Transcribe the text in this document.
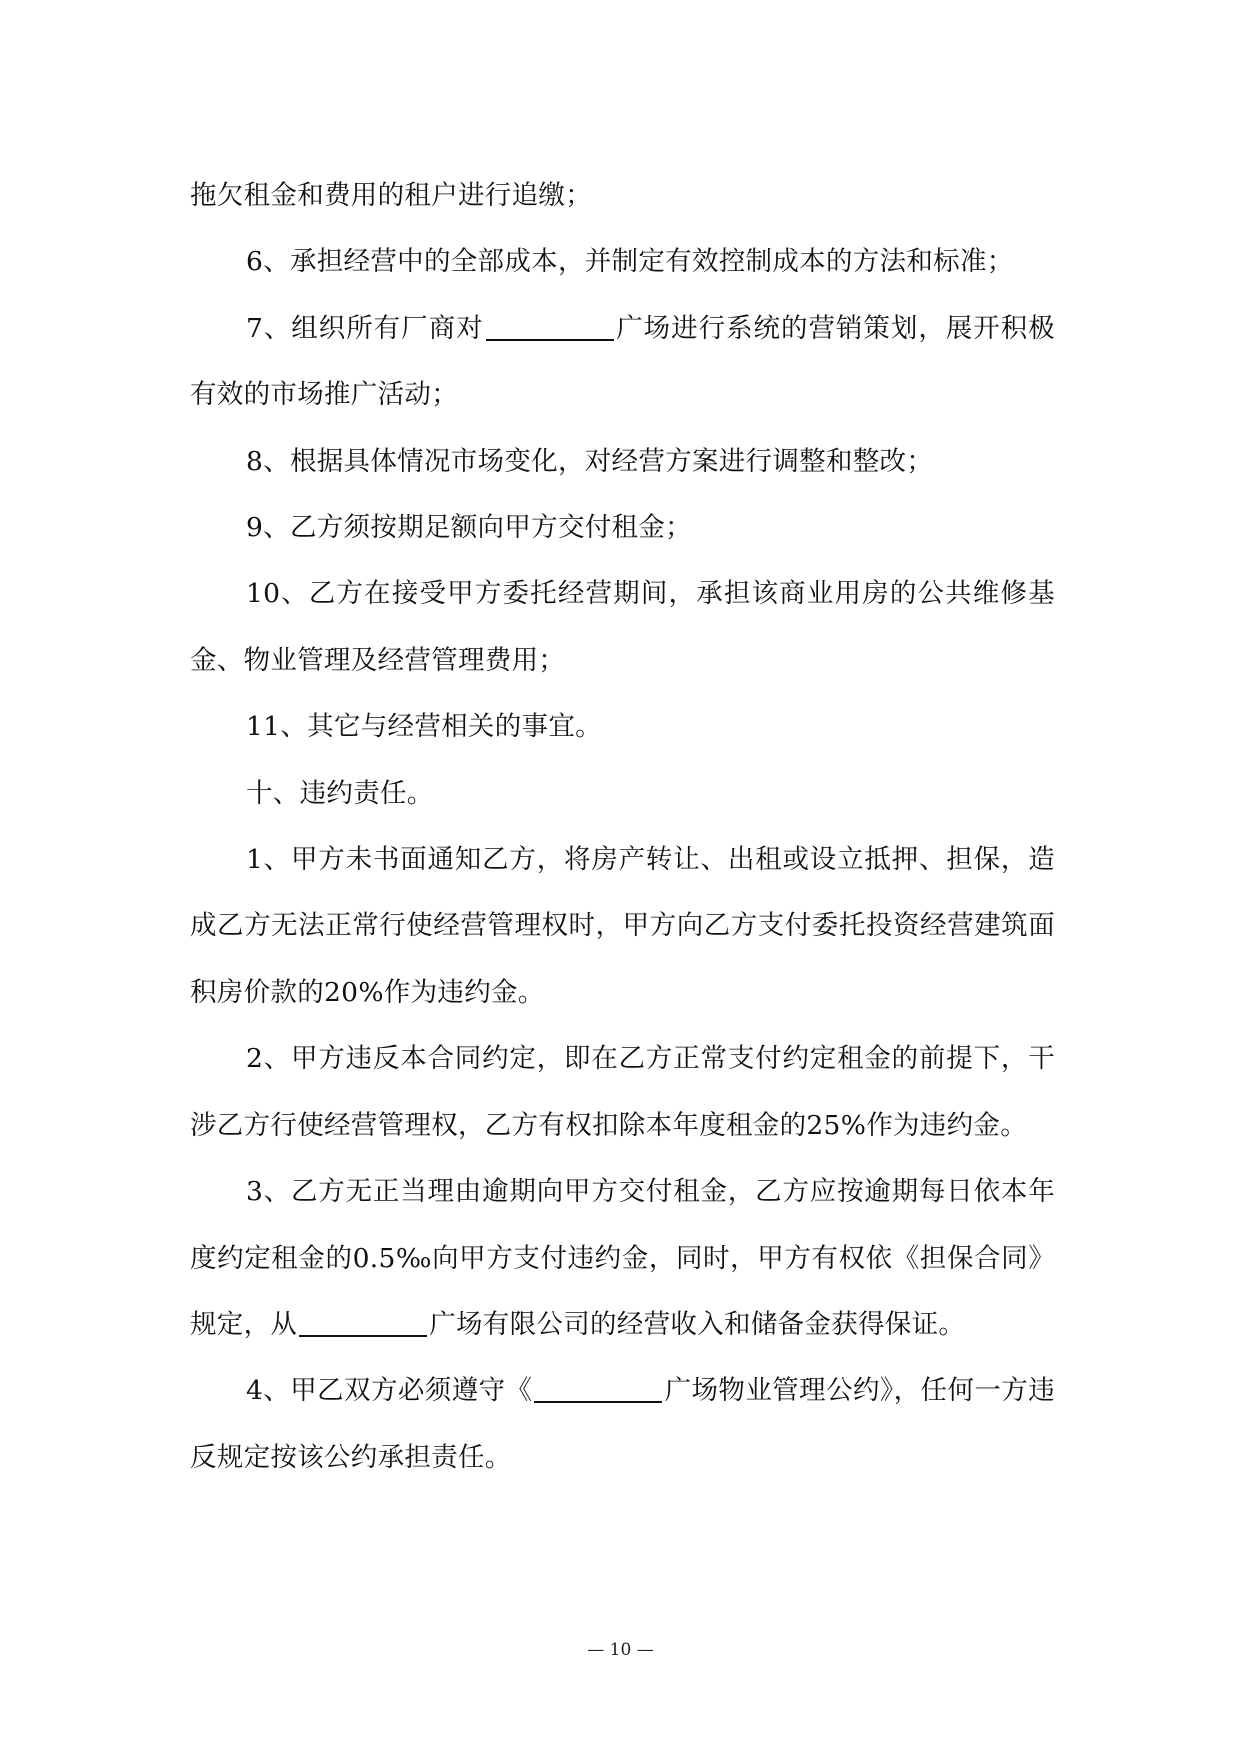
拖欠租金和费用的租户进行追缴；

6、承担经营中的全部成本，并制定有效控制成本的方法和标准；

7、组织所有厂商对	广场进行系统的营销策划，展开积极有效的市场推广活动；

8、根据具体情况市场变化，对经营方案进行调整和整改；

9、乙方须按期足额向甲方交付租金；

10、乙方在接受甲方委托经营期间，承担该商业用房的公共维修基金、物业管理及经营管理费用；

11、其它与经营相关的事宜。

十、违约责任。

1、甲方未书面通知乙方，将房产转让、出租或设立抵押、担保，造成乙方无法正常行使经营管理权时，甲方向乙方支付委托投资经营建筑面积房价款的20%作为违约金。

2、甲方违反本合同约定，即在乙方正常支付约定租金的前提下，干涉乙方行使经营管理权，乙方有权扣除本年度租金的25%作为违约金。

3、乙方无正当理由逾期向甲方交付租金，乙方应按逾期每日依本年度约定租金的0.5‰向甲方支付违约金，同时，甲方有权依《担保合同》规定，从	广场有限公司的经营收入和储备金获得保证。

4、甲乙双方必须遵守《	广场物业管理公约》，任何一方违反规定按该公约承担责任。

— 10 —
